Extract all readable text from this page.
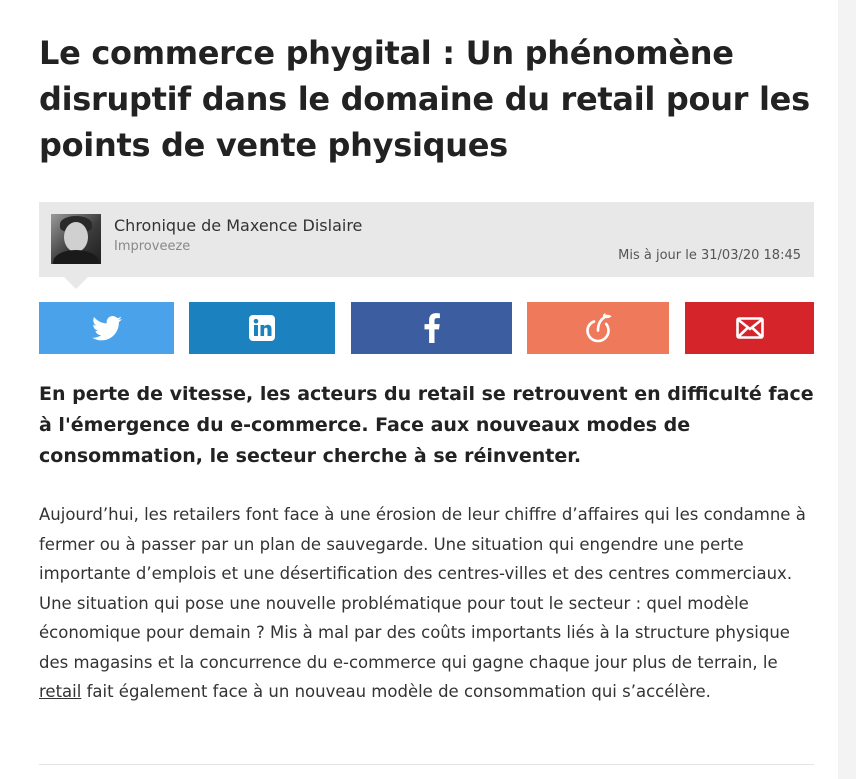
Le commerce phygital : Un phénomène disruptif dans le domaine du retail pour les points de vente physiques
Chronique de Maxence Dislaire
Improveeze
Mis à jour le 31/03/20 18:45

En perte de vitesse, les acteurs du retail se retrouvent en difficulté face à l'émergence du e-commerce. Face aux nouveaux modes de consommation, le secteur cherche à se réinventer.

Aujourd’hui, les retailers font face à une érosion de leur chiffre d’affaires qui les condamne à fermer ou à passer par un plan de sauvegarde. Une situation qui engendre une perte importante d’emplois et une désertification des centres-villes et des centres commerciaux. Une situation qui pose une nouvelle problématique pour tout le secteur : quel modèle économique pour demain ? Mis à mal par des coûts importants liés à la structure physique des magasins et la concurrence du e-commerce qui gagne chaque jour plus de terrain, le retail fait également face à un nouveau modèle de consommation qui s’accélère.
